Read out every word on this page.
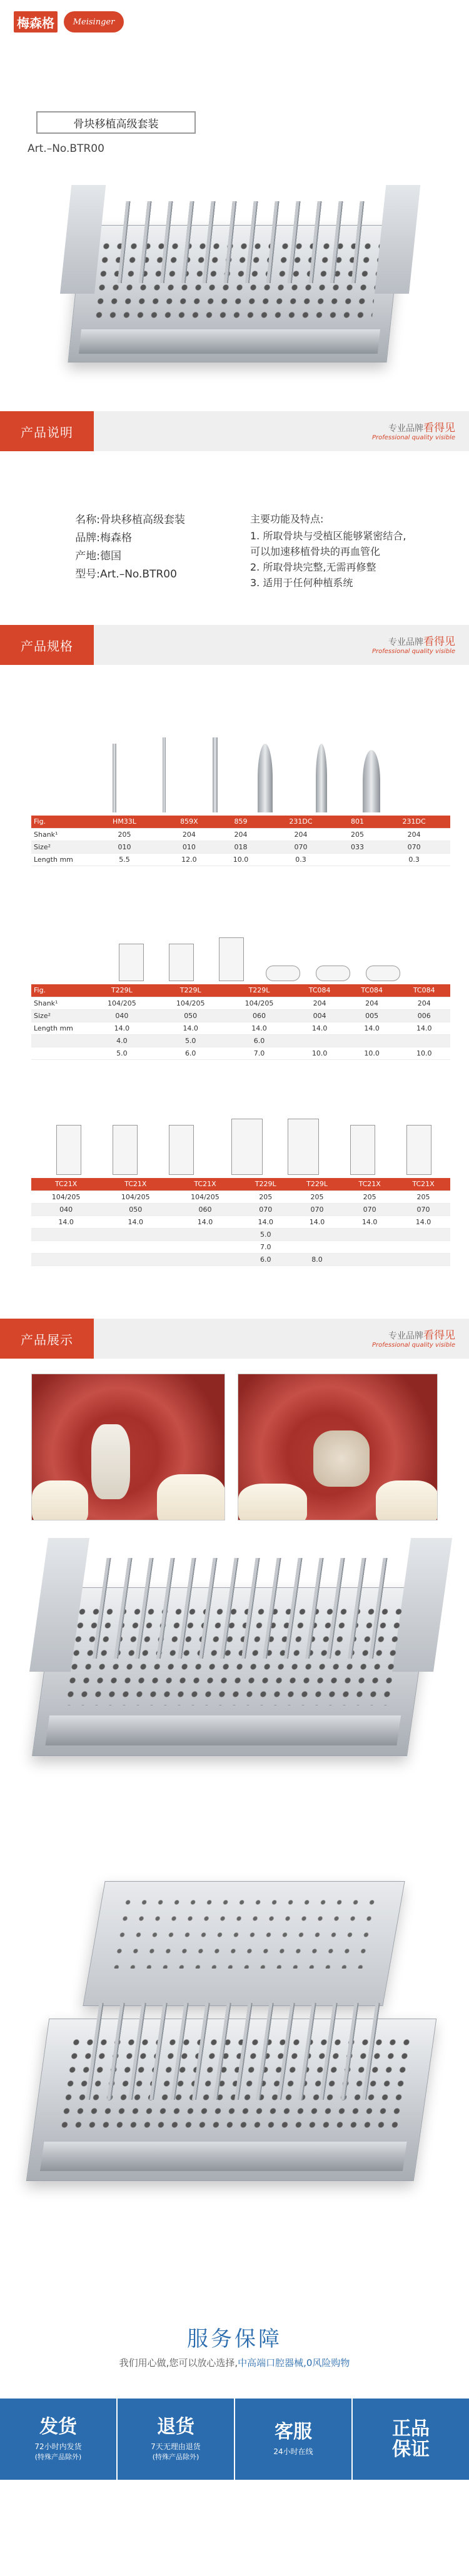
梅森格	Meisinger
骨块移植高级套装
Art.–No.BTR00
产品说明	专业品牌看得见
Professional quality visible
名称: 骨块移植高级套装
品牌: 梅森格
产地: 德国
型号: Art.–No.BTR00
主要功能及特点:
1. 所取骨块与受植区能够紧密结合,
可以加速移植骨块的再血管化
2. 所取骨块完整,无需再修整
3. 适用于任何种植系统
产品规格	专业品牌看得见
Professional quality visible
Fig.	HM33L	859X	859	231DC	801	231DC
Shank¹	205	204	204	204	205	204
Size²	010	010	018	070	033	070
Length mm	5.5	12.0	10.0	0.3		0.3
Fig.	T229L	T229L	T229L	TC084	TC084	TC084
Shank¹	104/205	104/205	104/205	204	204	204
Size²	040	050	060	004	005	006
Length mm	14.0	14.0	14.0	14.0	14.0	14.0
	4.0	5.0	6.0			
	5.0	6.0	7.0	10.0	10.0	10.0
TC21X	TC21X	TC21X	T229L	T229L	TC21X	TC21X
104/205	104/205	104/205	205	205	205	205
040	050	060	070	070	070	070
14.0	14.0	14.0	14.0	14.0	14.0	14.0
			5.0			
			7.0			
			6.0	8.0		
产品展示	专业品牌看得见
Professional quality visible
服务保障
我们用心做,您可以放心选择,中高端口腔器械,0风险购物
发货
72小时内发货
(特殊产品除外)
退货
7天无理由退货
(特殊产品除外)
客服
24小时在线
正品
保证
